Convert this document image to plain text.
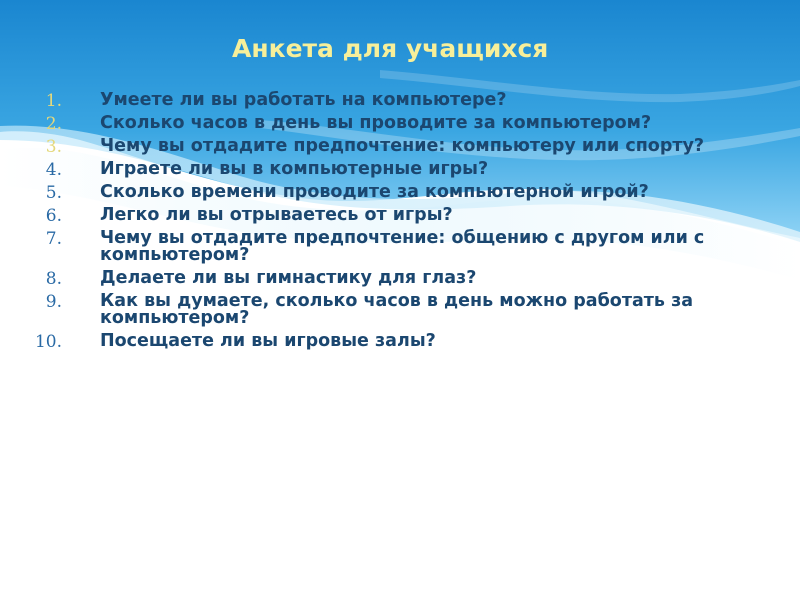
Анкета для учащихся
1. Умеете ли вы работать на компьютере?
2. Сколько часов в день вы проводите за компьютером?
3. Чему вы отдадите предпочтение: компьютеру или спорту?
4. Играете ли вы в компьютерные игры?
5. Сколько времени проводите за компьютерной игрой?
6. Легко ли вы отрываетесь от игры?
7. Чему вы отдадите предпочтение: общению с другом или с компьютером?
8. Делаете ли вы гимнастику для глаз?
9. Как вы думаете, сколько часов в день можно работать за компьютером?
10. Посещаете ли вы игровые залы?
